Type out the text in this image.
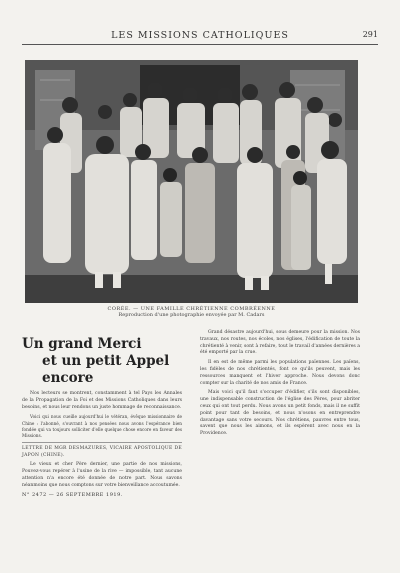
LES MISSIONS CATHOLIQUES	291
CORÉE. — UNE FAMILLE CHRÉTIENNE COMBRÉENNE
Reproduction d'une photographie envoyée par M. Cadars
Un grand Merci
et un petit Appel encore

Nos lecteurs se montrent, constamment à tel Pays les Annales de la Propagation de la Foi et des Missions Catholiques dans leurs besoins, et nous leur rendons un juste hommage de reconnaissance.

Voici qui nous cueille aujourd'hui le vétéran, évêque missionnaire de Chine : l'abonné, s'ouvrant à nos pensées nous avons l'espérance bien fondée qui va toujours solliciter d'elle quelque chose encore en faveur des Missions.

LETTRE DE MGR DESMAZURES, VICAIRE APOSTOLIQUE DE JAPON (CHINE).

Le vieux et cher Père dernier, une partie de nos missions, Pouvez-vous repérer à l'usine de la rive — impossible, tant aucune attention n'a encore été donnée de notre part. Nous savons néanmoins que nous comptons sur votre bienveillance accoutumée.

N° 2472 — 26 SEPTEMBRE 1919.

Grand désastre aujourd'hui, sous demeure pour la mission. Nos travaux, nos routes, nos écoles, nos églises, l'édification de toute la chrétienté à venir, sont à refaire, tout le travail d'années dernières a été emporté par la crue.

Il en est de même parmi les populations païennes. Les païens, les fidèles de nos chrétientés, font ce qu'ils peuvent, mais les ressources manquent et l'hiver approche. Nous devons donc compter sur la charité de nos amis de France.

Mais voici qu'il faut s'occuper d'édifier, s'ils sont disponibles, une indispensable construction de l'église des Pères, pour abriter ceux qui ont tout perdu. Nous avons un petit fonds, mais il ne suffit point pour tant de besoins, et nous n'osons en entreprendre davantage sans votre secours. Nos chrétiens, pauvres entre tous, savent que nous les aimons, et ils espèrent avec nous en la Providence.
